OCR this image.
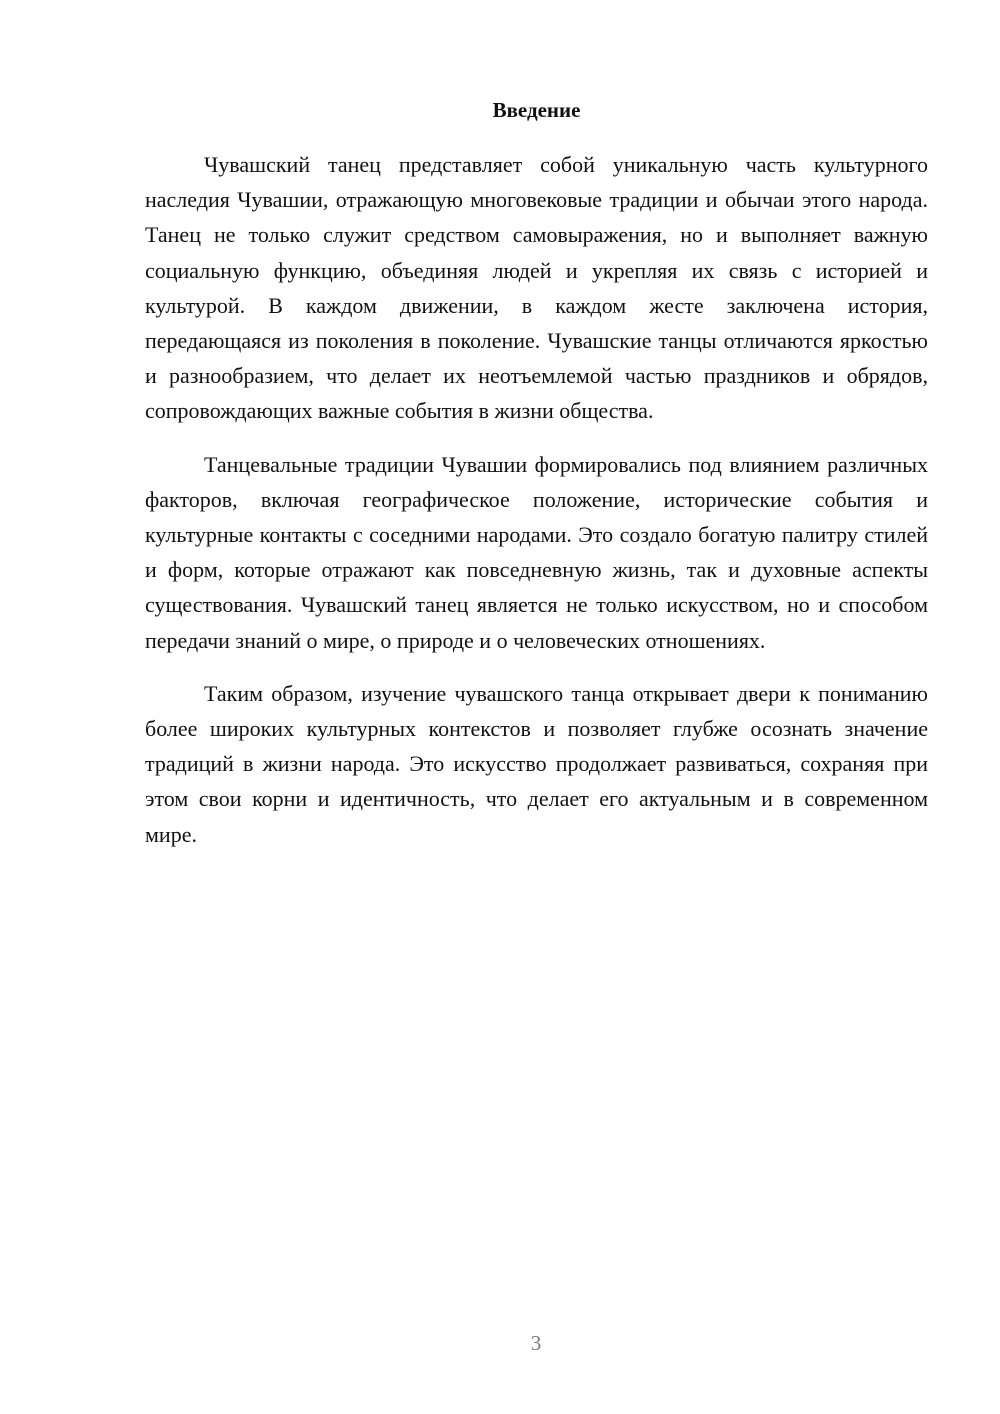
Введение

Чувашский танец представляет собой уникальную часть культурного наследия Чувашии, отражающую многовековые традиции и обычаи этого народа. Танец не только служит средством самовыражения, но и выполняет важную социальную функцию, объединяя людей и укрепляя их связь с историей и культурой. В каждом движении, в каждом жесте заключена история, передающаяся из поколения в поколение. Чувашские танцы отличаются яркостью и разнообразием, что делает их неотъемлемой частью праздников и обрядов, сопровождающих важные события в жизни общества.

Танцевальные традиции Чувашии формировались под влиянием различных факторов, включая географическое положение, исторические события и культурные контакты с соседними народами. Это создало богатую палитру стилей и форм, которые отражают как повседневную жизнь, так и духовные аспекты существования. Чувашский танец является не только искусством, но и способом передачи знаний о мире, о природе и о человеческих отношениях.

Таким образом, изучение чувашского танца открывает двери к пониманию более широких культурных контекстов и позволяет глубже осознать значение традиций в жизни народа. Это искусство продолжает развиваться, сохраняя при этом свои корни и идентичность, что делает его актуальным и в современном мире.

3
